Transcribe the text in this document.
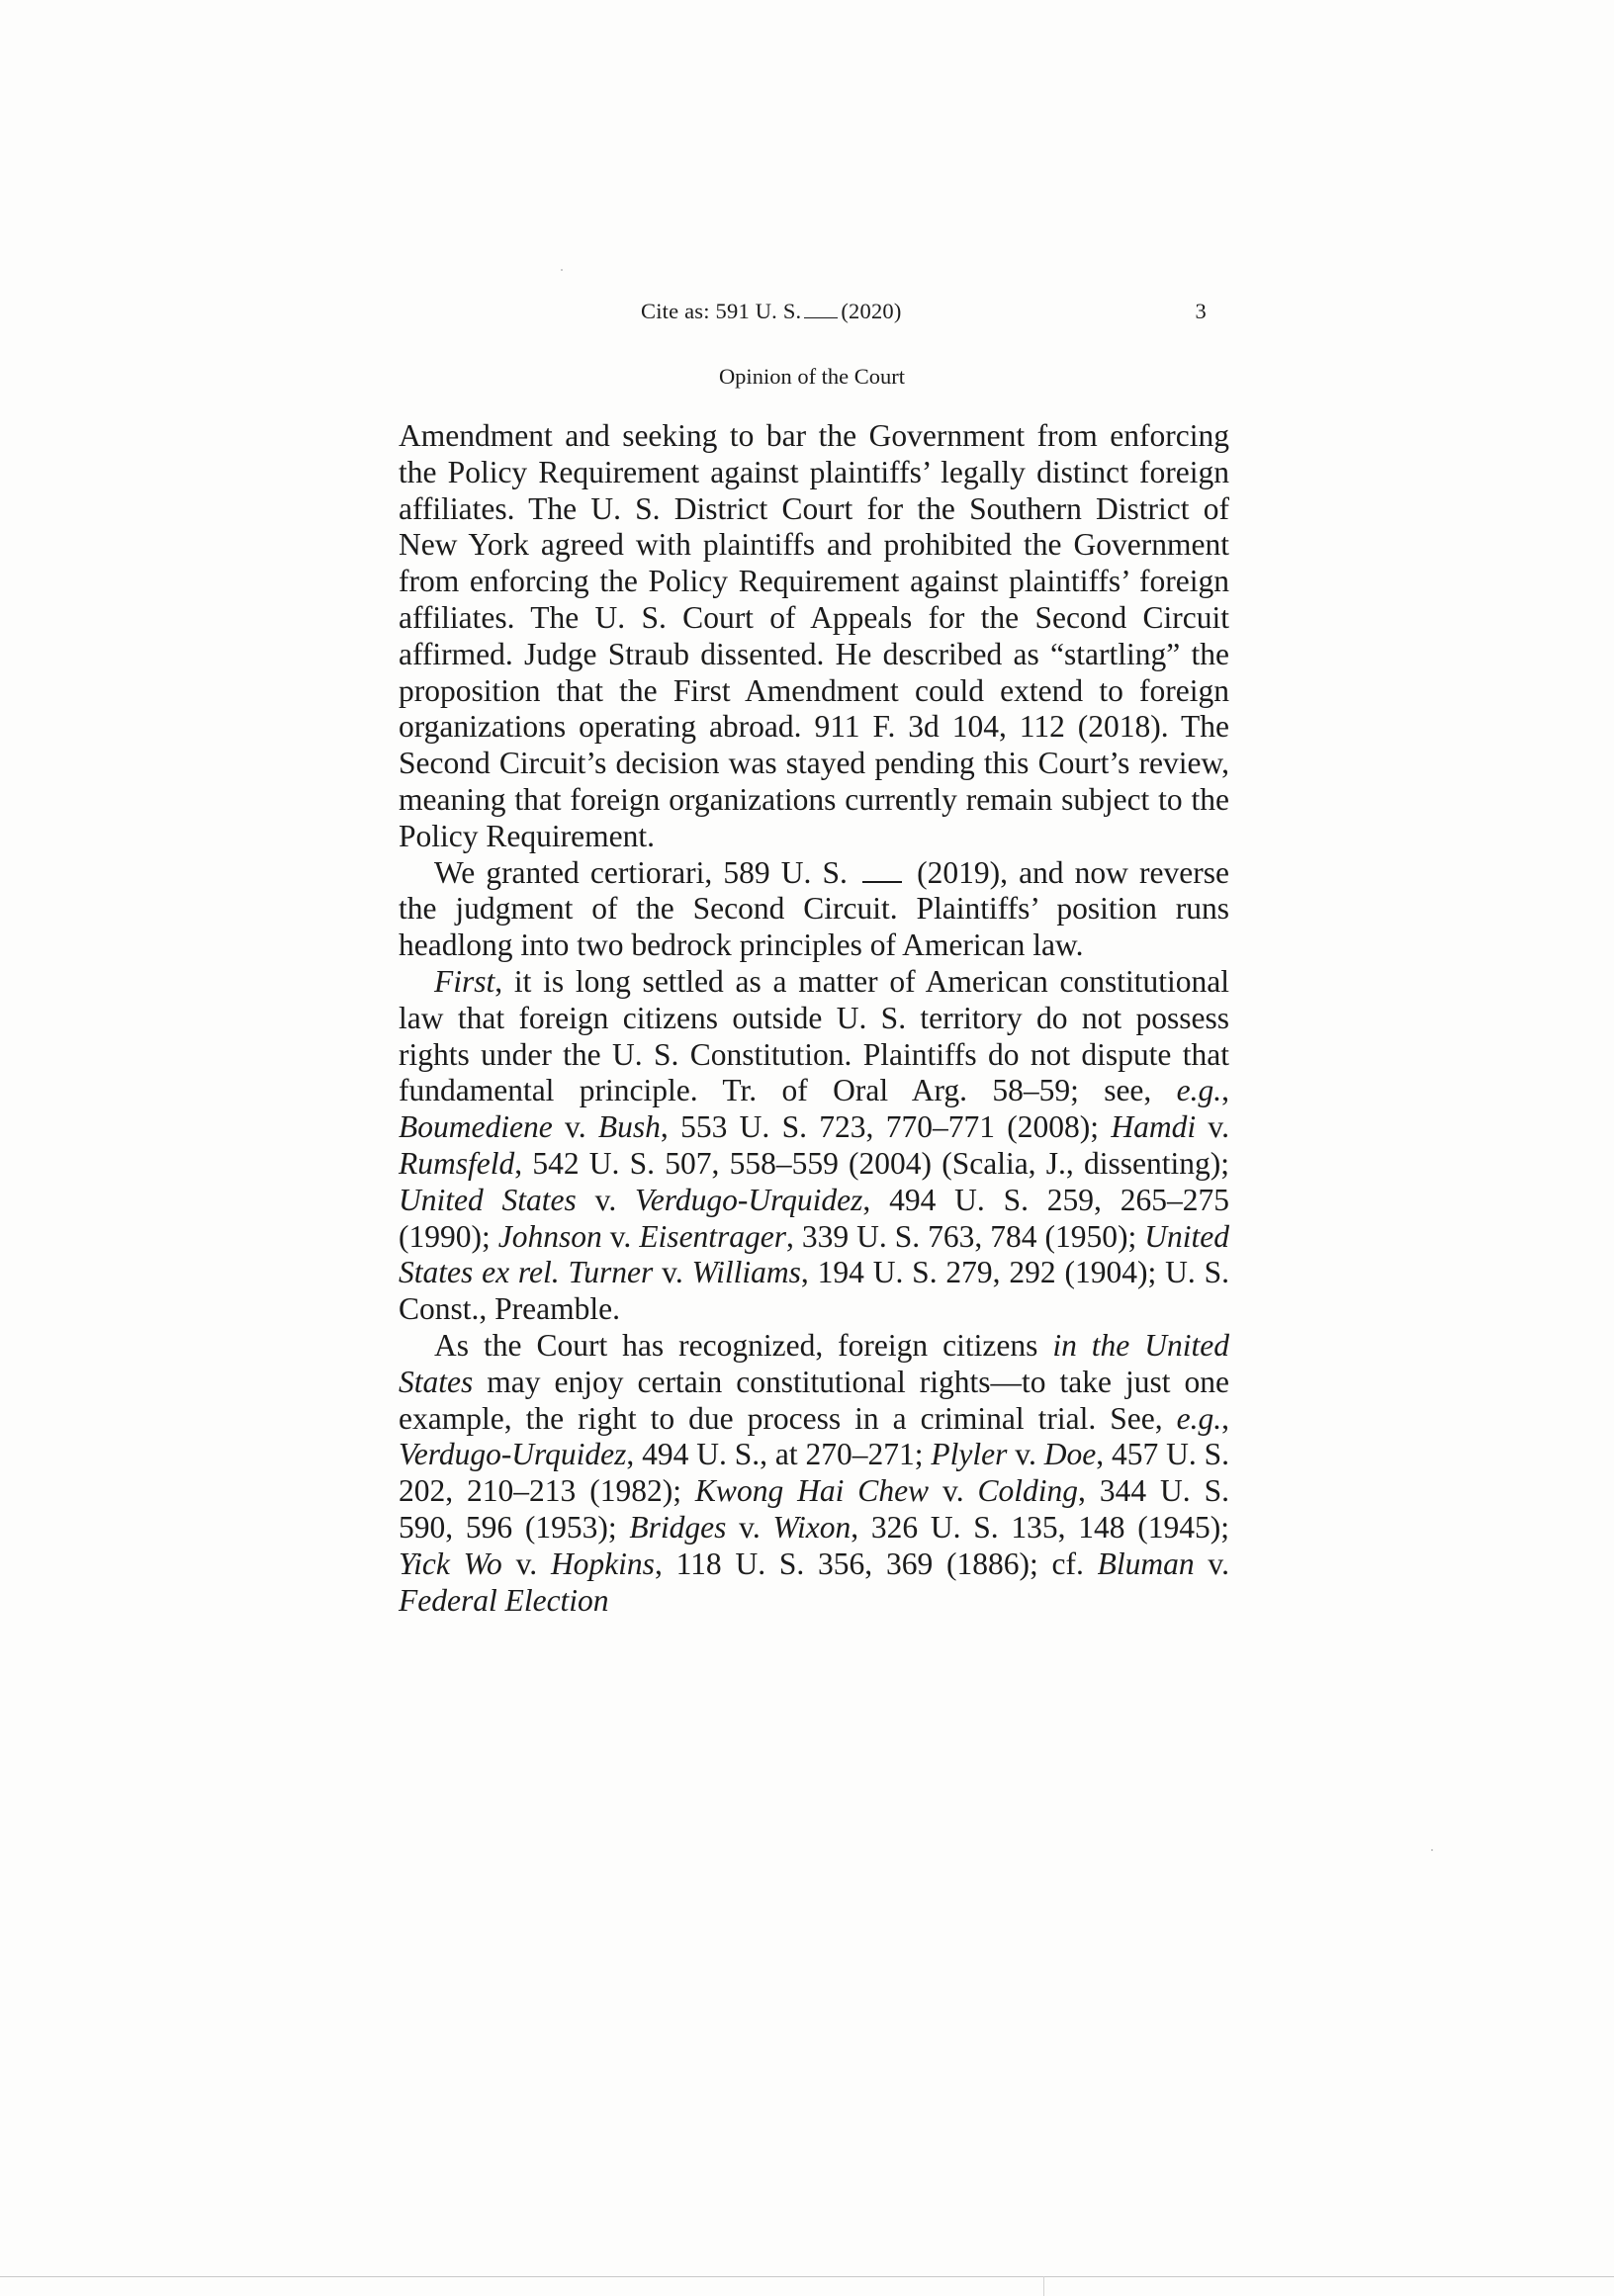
Cite as: 591 U. S. (2020)	3
Opinion of the Court

Amendment and seeking to bar the Government from enforcing the Policy Requirement against plaintiffs’ legally distinct foreign affiliates. The U. S. District Court for the Southern District of New York agreed with plaintiffs and prohibited the Government from enforcing the Policy Requirement against plaintiffs’ foreign affiliates. The U. S. Court of Appeals for the Second Circuit affirmed. Judge Straub dissented. He described as “startling” the proposition that the First Amendment could extend to foreign organizations operating abroad. 911 F. 3d 104, 112 (2018). The Second Circuit’s decision was stayed pending this Court’s review, meaning that foreign organizations currently remain subject to the Policy Requirement.

We granted certiorari, 589 U. S.  (2019), and now reverse the judgment of the Second Circuit. Plaintiffs’ position runs headlong into two bedrock principles of American law.

First, it is long settled as a matter of American constitutional law that foreign citizens outside U. S. territory do not possess rights under the U. S. Constitution. Plaintiffs do not dispute that fundamental principle. Tr. of Oral Arg. 58–59; see, e.g., Boumediene v. Bush, 553 U. S. 723, 770–771 (2008); Hamdi v. Rumsfeld, 542 U. S. 507, 558–559 (2004) (Scalia, J., dissenting); United States v. Verdugo-Urquidez, 494 U. S. 259, 265–275 (1990); Johnson v. Eisentrager, 339 U. S. 763, 784 (1950); United States ex rel. Turner v. Williams, 194 U. S. 279, 292 (1904); U. S. Const., Preamble.

As the Court has recognized, foreign citizens in the United States may enjoy certain constitutional rights—to take just one example, the right to due process in a criminal trial. See, e.g., Verdugo-Urquidez, 494 U. S., at 270–271; Plyler v. Doe, 457 U. S. 202, 210–213 (1982); Kwong Hai Chew v. Colding, 344 U. S. 590, 596 (1953); Bridges v. Wixon, 326 U. S. 135, 148 (1945); Yick Wo v. Hopkins, 118 U. S. 356, 369 (1886); cf. Bluman v. Federal Election
